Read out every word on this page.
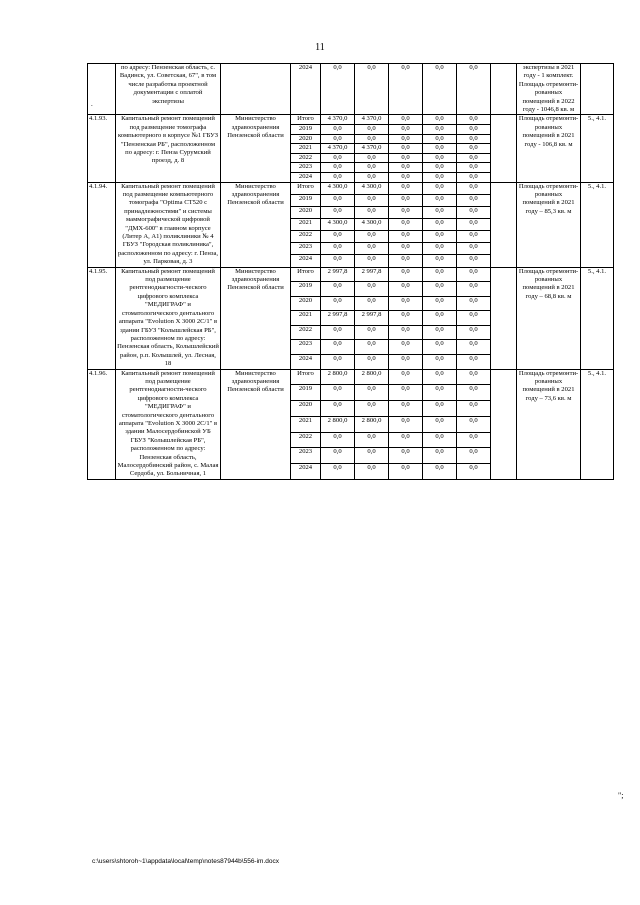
11
	по адресу: Пензенская область, с. Вадинск, ул. Советская, 67", в том числе разработка проектной документации с оплатой экспертизы		2024	0,0	0,0	0,0	0,0	0,0		экспертизы в 2021 году - 1 комплект. Площадь отремонти-рованных помещений в 2022 году - 1046,8 кв. м	
4.1.93.	Капитальный ремонт помещений под размещение томографа компьютерного в корпусе №1 ГБУЗ "Пензенская РБ", расположенном по адресу: г. Пенза Сурумский проезд, д. 8	Министерство здравоохранения Пензенской области	Итого	4 370,0	4 370,0	0,0	0,0	0,0		Площадь отремонти-рованных помещений в 2021 году - 106,8 кв. м	5., 4.1.
			2019	0,0	0,0	0,0	0,0	0,0			
			2020	0,0	0,0	0,0	0,0	0,0			
			2021	4 370,0	4 370,0	0,0	0,0	0,0			
			2022	0,0	0,0	0,0	0,0	0,0			
			2023	0,0	0,0	0,0	0,0	0,0			
			2024	0,0	0,0	0,0	0,0	0,0			
4.1.94.	Капитальный ремонт помещений под размещение компьютерного томографа "Optima CT520 с принадлежностями" и системы маммографической цифровой "ДМХ-600" в главном корпусе (Литер А, А1) поликлиники № 4 ГБУЗ "Городская поликлиника", расположенном по адресу: г. Пенза, ул. Парковая, д. 3	Министерство здравоохранения Пензенской области	Итого	4 300,0	4 300,0	0,0	0,0	0,0		Площадь отремонти-рованных помещений в 2021 году – 85,3 кв. м	5., 4.1.
			2019	0,0	0,0	0,0	0,0	0,0			
			2020	0,0	0,0	0,0	0,0	0,0			
			2021	4 300,0	4 300,0	0,0	0,0	0,0			
			2022	0,0	0,0	0,0	0,0	0,0			
			2023	0,0	0,0	0,0	0,0	0,0			
			2024	0,0	0,0	0,0	0,0	0,0			
4.1.95.	Капитальный ремонт помещений под размещение рентгенодиагности-ческого цифрового комплекса "МЕДИГРАФ" и стоматологического дентального аппарата "Evolution X 3000 2C/1" в здании ГБУЗ "Колышлейская РБ", расположенном по адресу: Пензенская область, Колышлейский район, р.п. Колышлей, ул. Лесная, 18	Министерство здравоохранения Пензенской области	Итого	2 997,8	2 997,8	0,0	0,0	0,0		Площадь отремонти-рованных помещений в 2021 году – 68,8 кв. м	5., 4.1.
			2019	0,0	0,0	0,0	0,0	0,0			
			2020	0,0	0,0	0,0	0,0	0,0			
			2021	2 997,8	2 997,8	0,0	0,0	0,0			
			2022	0,0	0,0	0,0	0,0	0,0			
			2023	0,0	0,0	0,0	0,0	0,0			
			2024	0,0	0,0	0,0	0,0	0,0			
4.1.96.	Капитальный ремонт помещений под размещение рентгенодиагности-ческого цифрового комплекса "МЕДИГРАФ" и стоматологического дентального аппарата "Evolution X 3000 2C/1" в здании Малосердобинской УБ ГБУЗ "Колышлейская РБ", расположенном по адресу: Пензенская область, Малосердобинский район, с. Малая Сердоба, ул. Больничная, 1	Министерство здравоохранения Пензенской области	Итого	2 800,0	2 800,0	0,0	0,0	0,0		Площадь отремонти-рованных помещений в 2021 году – 73,6 кв. м	5., 4.1.
			2019	0,0	0,0	0,0	0,0	0,0			
			2020	0,0	0,0	0,0	0,0	0,0			
			2021	2 800,0	2 800,0	0,0	0,0	0,0			
			2022	0,0	0,0	0,0	0,0	0,0			
			2023	0,0	0,0	0,0	0,0	0,0			
			2024	0,0	0,0	0,0	0,0	0,0			
.
";
c:\users\shtoroh~1\appdata\local\temp\notes87944b\556-im.docx
